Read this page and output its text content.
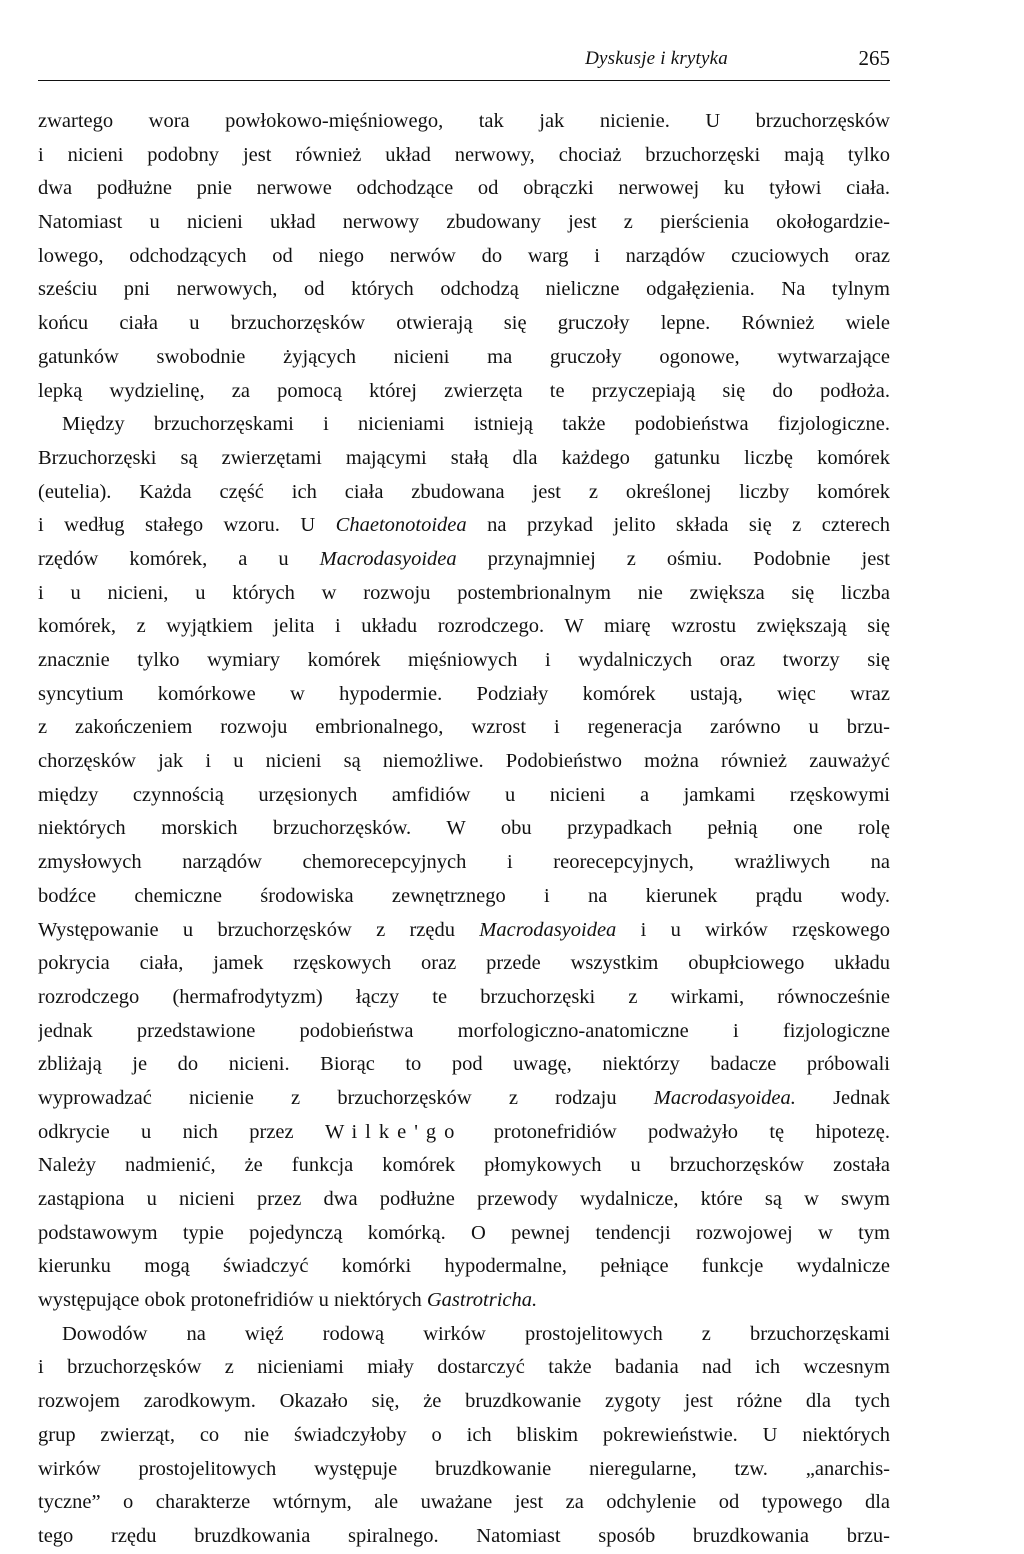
Dyskusje i krytyka	265
zwartego wora powłokowo-mięśniowego, tak jak nicienie. U brzuchorzęsków
i nicieni podobny jest również układ nerwowy, chociaż brzuchorzęski mają tylko
dwa podłużne pnie nerwowe odchodzące od obrączki nerwowej ku tyłowi ciała.
Natomiast u nicieni układ nerwowy zbudowany jest z pierścienia okołogardzie-
lowego, odchodzących od niego nerwów do warg i narządów czuciowych oraz
sześciu pni nerwowych, od których odchodzą nieliczne odgałęzienia. Na tylnym
końcu ciała u brzuchorzęsków otwierają się gruczoły lepne. Również wiele
gatunków swobodnie żyjących nicieni ma gruczoły ogonowe, wytwarzające
lepką wydzielinę, za pomocą której zwierzęta te przyczepiają się do podłoża.
Między brzuchorzęskami i nicieniami istnieją także podobieństwa fizjologiczne.
Brzuchorzęski są zwierzętami mającymi stałą dla każdego gatunku liczbę komórek
(eutelia). Każda część ich ciała zbudowana jest z określonej liczby komórek
i według stałego wzoru. U Chaetonotoidea na przykad jelito składa się z czterech
rzędów komórek, a u Macrodasyoidea przynajmniej z ośmiu. Podobnie jest
i u nicieni, u których w rozwoju postembrionalnym nie zwiększa się liczba
komórek, z wyjątkiem jelita i układu rozrodczego. W miarę wzrostu zwiększają się
znacznie tylko wymiary komórek mięśniowych i wydalniczych oraz tworzy się
syncytium komórkowe w hypodermie. Podziały komórek ustają, więc wraz
z zakończeniem rozwoju embrionalnego, wzrost i regeneracja zarówno u brzu-
chorzęsków jak i u nicieni są niemożliwe. Podobieństwo można również zauważyć
między czynnością urzęsionych amfidiów u nicieni a jamkami rzęskowymi
niektórych morskich brzuchorzęsków. W obu przypadkach pełnią one rolę
zmysłowych narządów chemorecepcyjnych i reorecepcyjnych, wrażliwych na
bodźce chemiczne środowiska zewnętrznego i na kierunek prądu wody.
Występowanie u brzuchorzęsków z rzędu Macrodasyoidea i u wirków rzęskowego
pokrycia ciała, jamek rzęskowych oraz przede wszystkim obupłciowego układu
rozrodczego (hermafrodytyzm) łączy te brzuchorzęski z wirkami, równocześnie
jednak przedstawione podobieństwa morfologiczno-anatomiczne i fizjologiczne
zbliżają je do nicieni. Biorąc to pod uwagę, niektórzy badacze próbowali
wyprowadzać nicienie z brzuchorzęsków z rodzaju Macrodasyoidea. Jednak
odkrycie u nich przez Wilke'go protonefridiów podważyło tę hipotezę.
Należy nadmienić, że funkcja komórek płomykowych u brzuchorzęsków została
zastąpiona u nicieni przez dwa podłużne przewody wydalnicze, które są w swym
podstawowym typie pojedynczą komórką. O pewnej tendencji rozwojowej w tym
kierunku mogą świadczyć komórki hypodermalne, pełniące funkcje wydalnicze
występujące obok protonefridiów u niektórych Gastrotricha.
Dowodów na więź rodową wirków prostojelitowych z brzuchorzęskami
i brzuchorzęsków z nicieniami miały dostarczyć także badania nad ich wczesnym
rozwojem zarodkowym. Okazało się, że bruzdkowanie zygoty jest różne dla tych
grup zwierząt, co nie świadczyłoby o ich bliskim pokrewieństwie. U niektórych
wirków prostojelitowych występuje bruzdkowanie nieregularne, tzw. „anarchis-
tyczne” o charakterze wtórnym, ale uważane jest za odchylenie od typowego dla
tego rzędu bruzdkowania spiralnego. Natomiast sposób bruzdkowania brzu-
